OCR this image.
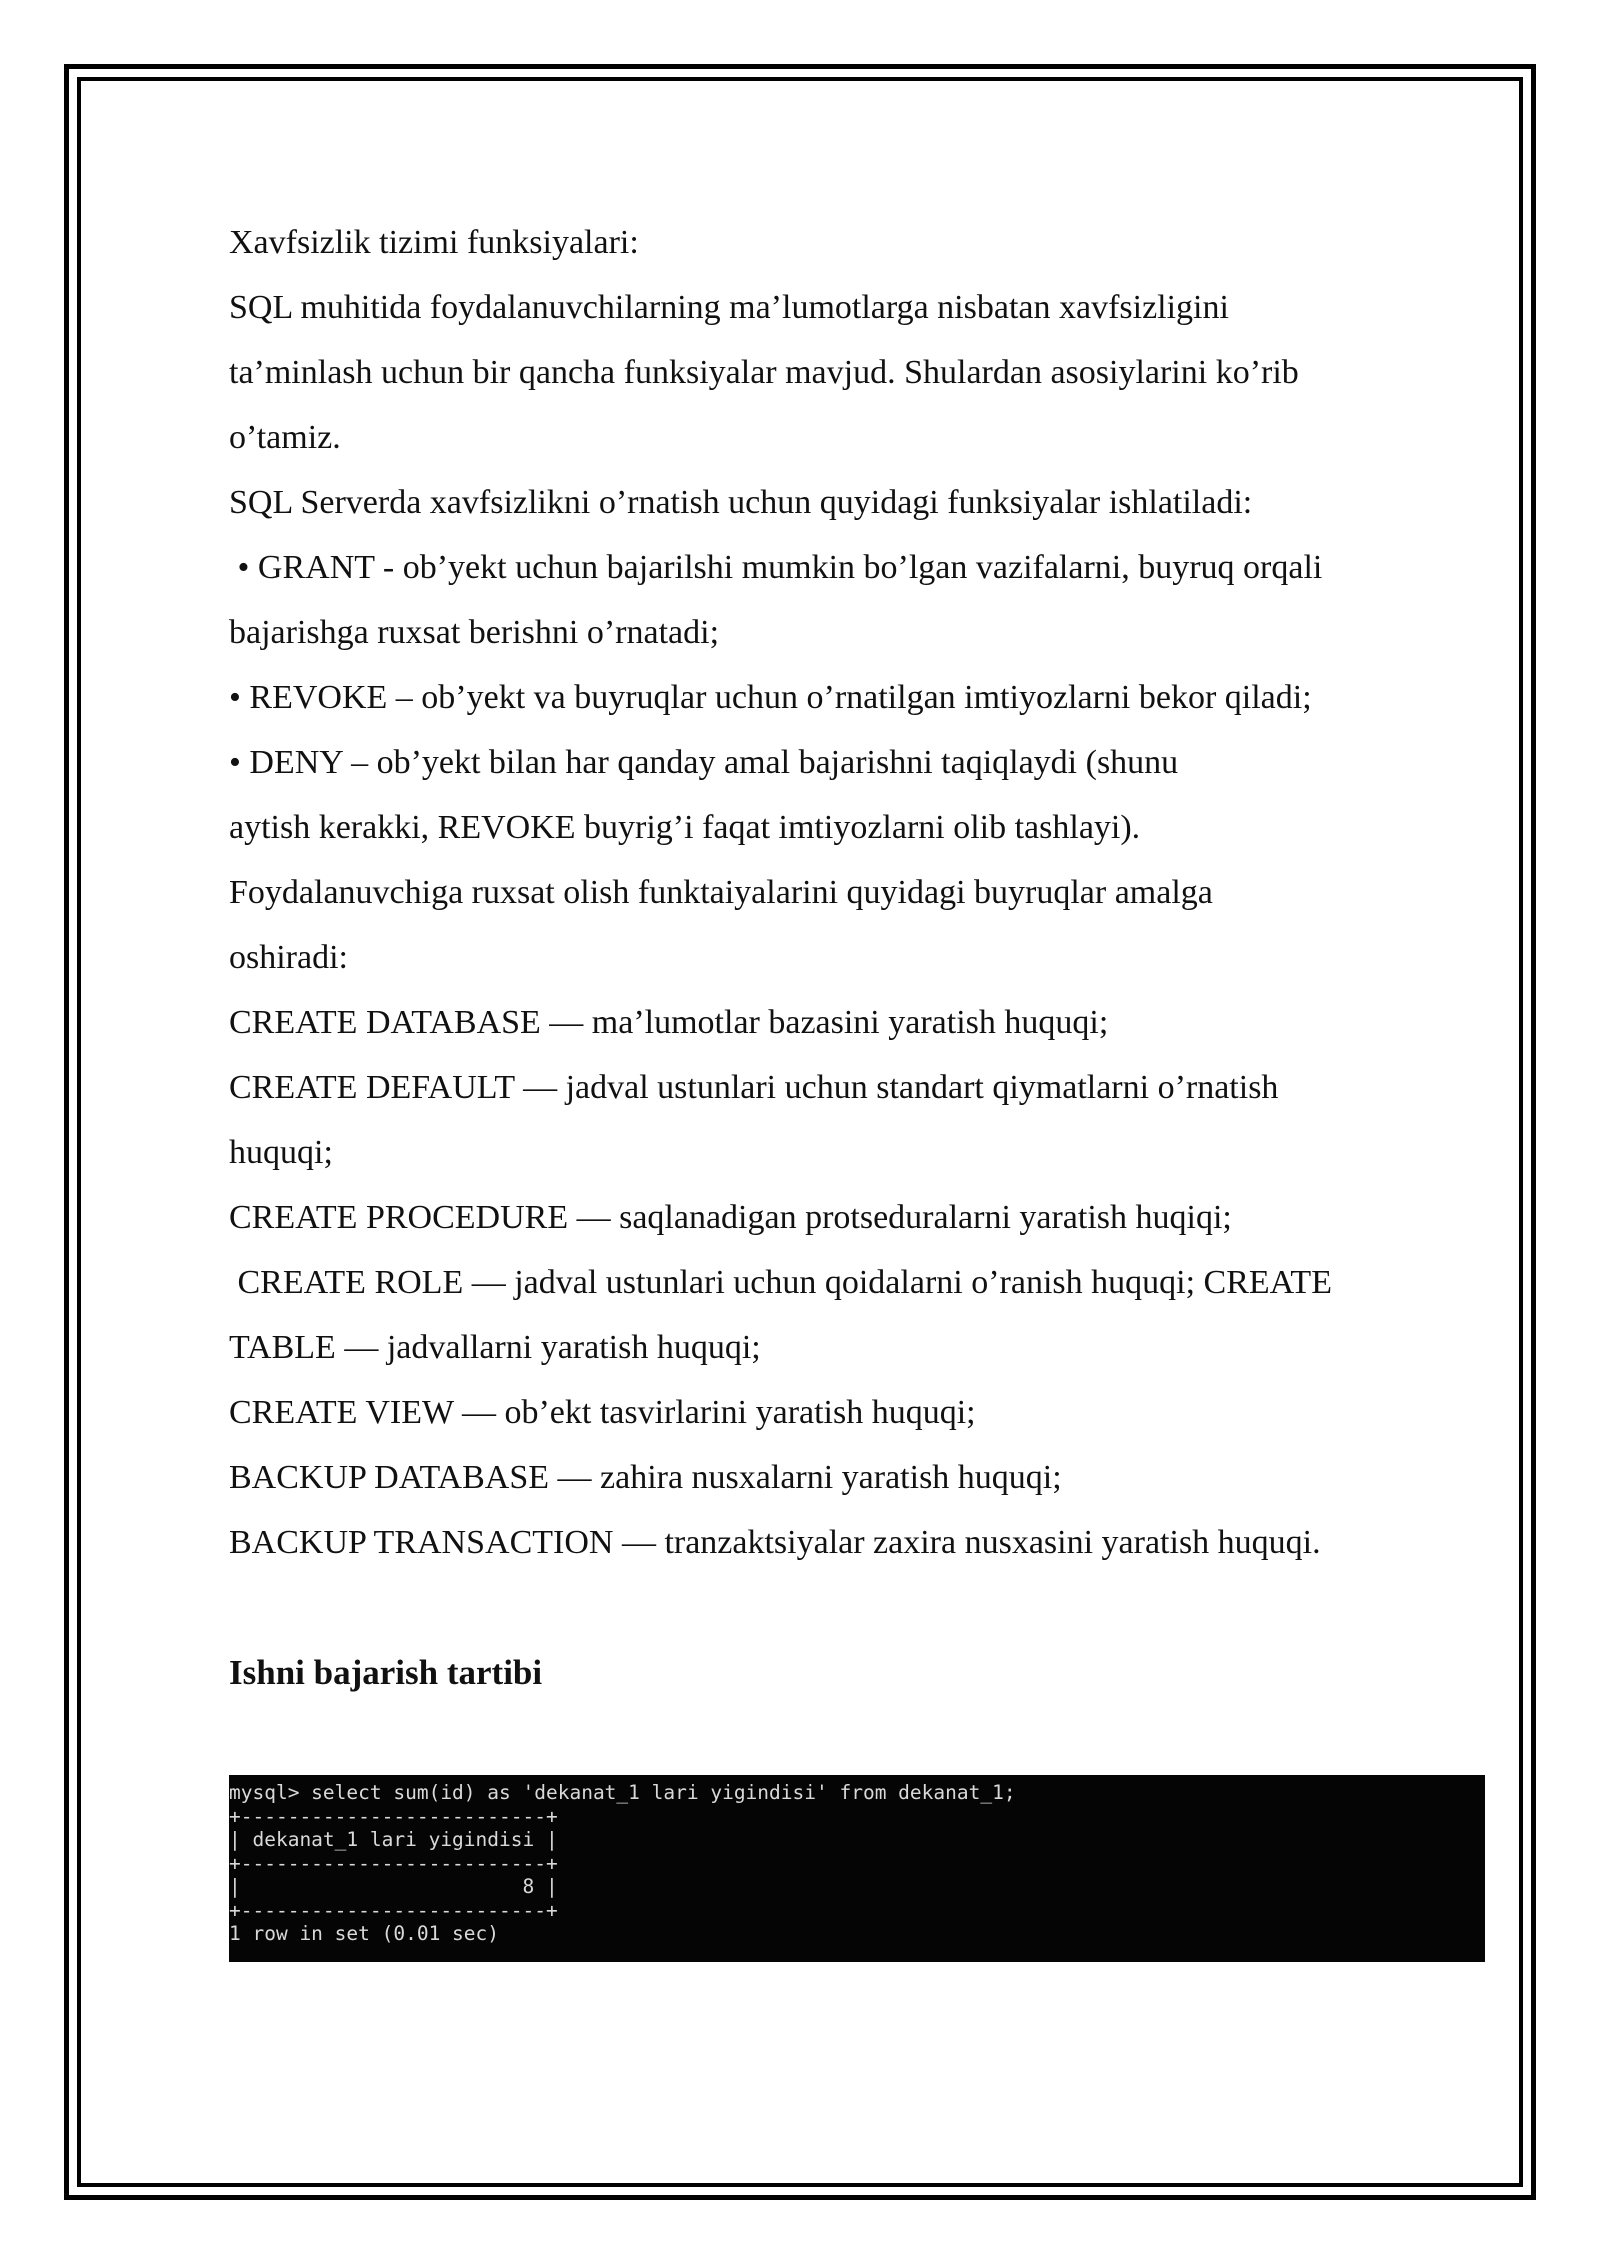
Xavfsizlik tizimi funksiyalari:

SQL muhitida foydalanuvchilarning ma’lumotlarga nisbatan xavfsizligini

ta’minlash uchun bir qancha funksiyalar mavjud. Shulardan asosiylarini ko’rib

o’tamiz.

SQL Serverda xavfsizlikni o’rnatish uchun quyidagi funksiyalar ishlatiladi:

• GRANT - ob’yekt uchun bajarilshi mumkin bo’lgan vazifalarni, buyruq orqali

bajarishga ruxsat berishni o’rnatadi;

• REVOKE – ob’yekt va buyruqlar uchun o’rnatilgan imtiyozlarni bekor qiladi;

• DENY – ob’yekt bilan har qanday amal bajarishni taqiqlaydi (shunu

aytish kerakki, REVOKE buyrig’i faqat imtiyozlarni olib tashlayi).

Foydalanuvchiga ruxsat olish funktaiyalarini quyidagi buyruqlar amalga

oshiradi:

CREATE DATABASE — ma’lumotlar bazasini yaratish huquqi;

CREATE DEFAULT — jadval ustunlari uchun standart qiymatlarni o’rnatish

huquqi;

CREATE PROCEDURE — saqlanadigan protseduralarni yaratish huqiqi;

CREATE ROLE — jadval ustunlari uchun qoidalarni o’ranish huquqi; CREATE

TABLE — jadvallarni yaratish huquqi;

CREATE VIEW — ob’ekt tasvirlarini yaratish huquqi;

BACKUP DATABASE — zahira nusxalarni yaratish huquqi;

BACKUP TRANSACTION — tranzaktsiyalar zaxira nusxasini yaratish huquqi.

Ishni bajarish tartibi

mysql> select sum(id) as 'dekanat_1 lari yigindisi' from dekanat_1;

+--------------------------+

| dekanat_1 lari yigindisi |

+--------------------------+

|                        8 |

+--------------------------+

1 row in set (0.01 sec)
